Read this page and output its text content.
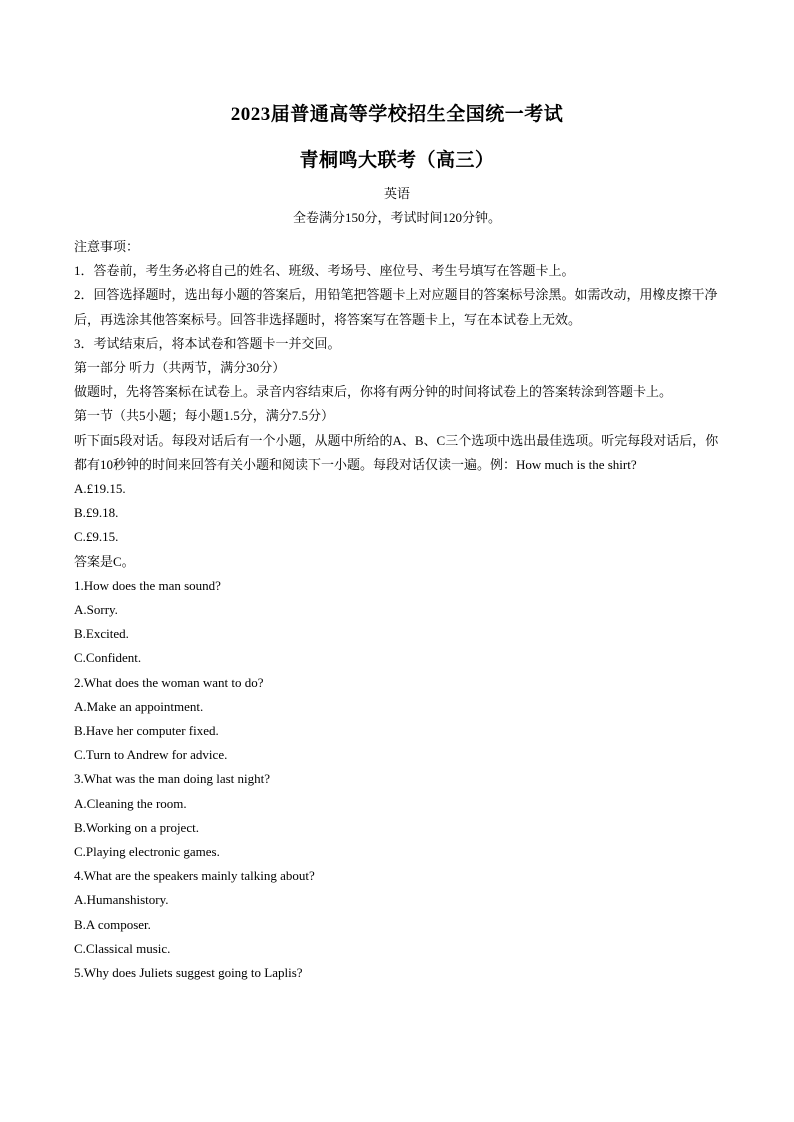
2023届普通高等学校招生全国统一考试
青桐鸣大联考（高三）
英语
全卷满分150分，考试时间120分钟。

注意事项：

1．答卷前，考生务必将自己的姓名、班级、考场号、座位号、考生号填写在答题卡上。

2．回答选择题时，选出每小题的答案后，用铅笔把答题卡上对应题目的答案标号涂黑。如需改动，用橡皮擦干净后，再选涂其他答案标号。回答非选择题时，将答案写在答题卡上，写在本试卷上无效。

3．考试结束后，将本试卷和答题卡一并交回。

第一部分 听力（共两节，满分30分）

做题时，先将答案标在试卷上。录音内容结束后，你将有两分钟的时间将试卷上的答案转涂到答题卡上。

第一节（共5小题；每小题1.5分，满分7.5分）

听下面5段对话。每段对话后有一个小题，从题中所给的A、B、C三个选项中选出最佳选项。听完每段对话后，你都有10秒钟的时间来回答有关小题和阅读下一小题。每段对话仅读一遍。例：How much is the shirt?

A.£19.15.

B.£9.18.

C.£9.15.

答案是C。

1.How does the man sound?

A.Sorry.

B.Excited.

C.Confident.

2.What does the woman want to do?

A.Make an appointment.

B.Have her computer fixed.

C.Turn to Andrew for advice.

3.What was the man doing last night?

A.Cleaning the room.

B.Working on a project.

C.Playing electronic games.

4.What are the speakers mainly talking about?

A.Humanshistory.

B.A composer.

C.Classical music.

5.Why does Juliets suggest going to Laplis?
